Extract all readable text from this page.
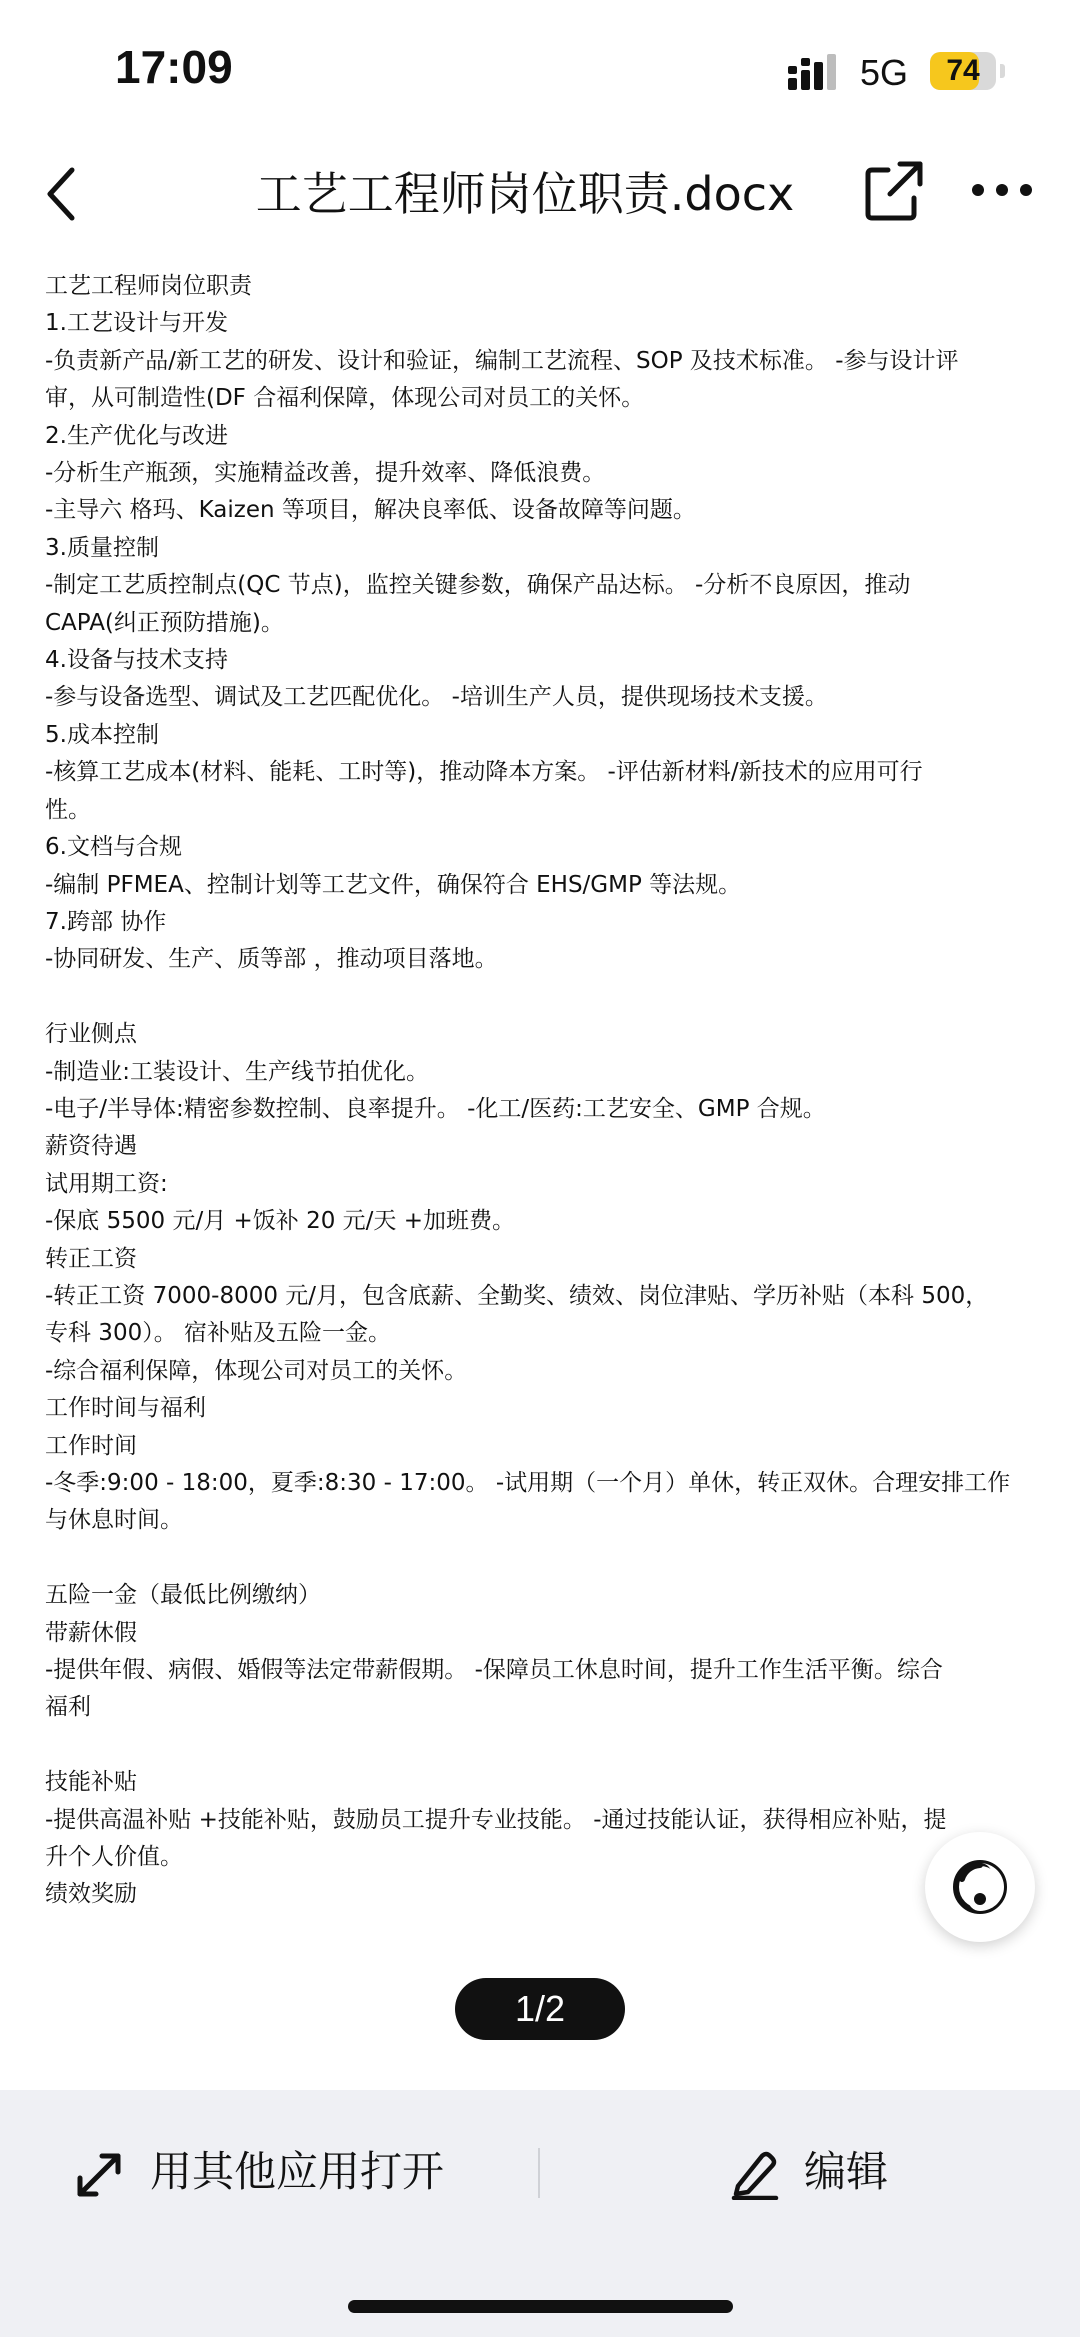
17:09	5G	74
工艺工程师岗位职责.docx
工艺工程师岗位职责
1.工艺设计与开发
-负责新产品/新工艺的研发、设计和验证，编制工艺流程、SOP 及技术标准。 -参与设计评
审，从可制造性(DF 合福利保障，体现公司对员工的关怀。
2.生产优化与改进
-分析生产瓶颈，实施精益改善，提升效率、降低浪费。
-主导六 格玛、Kaizen 等项目，解决良率低、设备故障等问题。
3.质量控制
-制定工艺质控制点(QC 节点)，监控关键参数，确保产品达标。 -分析不良原因，推动
CAPA(纠正预防措施)。
4.设备与技术支持
-参与设备选型、调试及工艺匹配优化。 -培训生产人员，提供现场技术支援。
5.成本控制
-核算工艺成本(材料、能耗、工时等)，推动降本方案。 -评估新材料/新技术的应用可行
性。
6.文档与合规
-编制 PFMEA、控制计划等工艺文件，确保符合 EHS/GMP 等法规。
7.跨部 协作
-协同研发、生产、质等部 ，推动项目落地。
行业侧点
-制造业:工装设计、生产线节拍优化。
-电子/半导体:精密参数控制、良率提升。 -化工/医药:工艺安全、GMP 合规。
薪资待遇
试用期工资:
-保底 5500 元/月 +饭补 20 元/天 +加班费。
转正工资
-转正工资 7000-8000 元/月，包含底薪、全勤奖、绩效、岗位津贴、学历补贴（本科 500，
专科 300）。 宿补贴及五险一金。
-综合福利保障，体现公司对员工的关怀。
工作时间与福利
工作时间
-冬季:9:00 - 18:00，夏季:8:30 - 17:00。 -试用期（一个月）单休，转正双休。合理安排工作
与休息时间。
五险一金（最低比例缴纳）
带薪休假
-提供年假、病假、婚假等法定带薪假期。 -保障员工休息时间，提升工作生活平衡。综合
福利
技能补贴
-提供高温补贴 +技能补贴，鼓励员工提升专业技能。 -通过技能认证，获得相应补贴，提
升个人价值。
绩效奖励
1/2
用其他应用打开	编辑
